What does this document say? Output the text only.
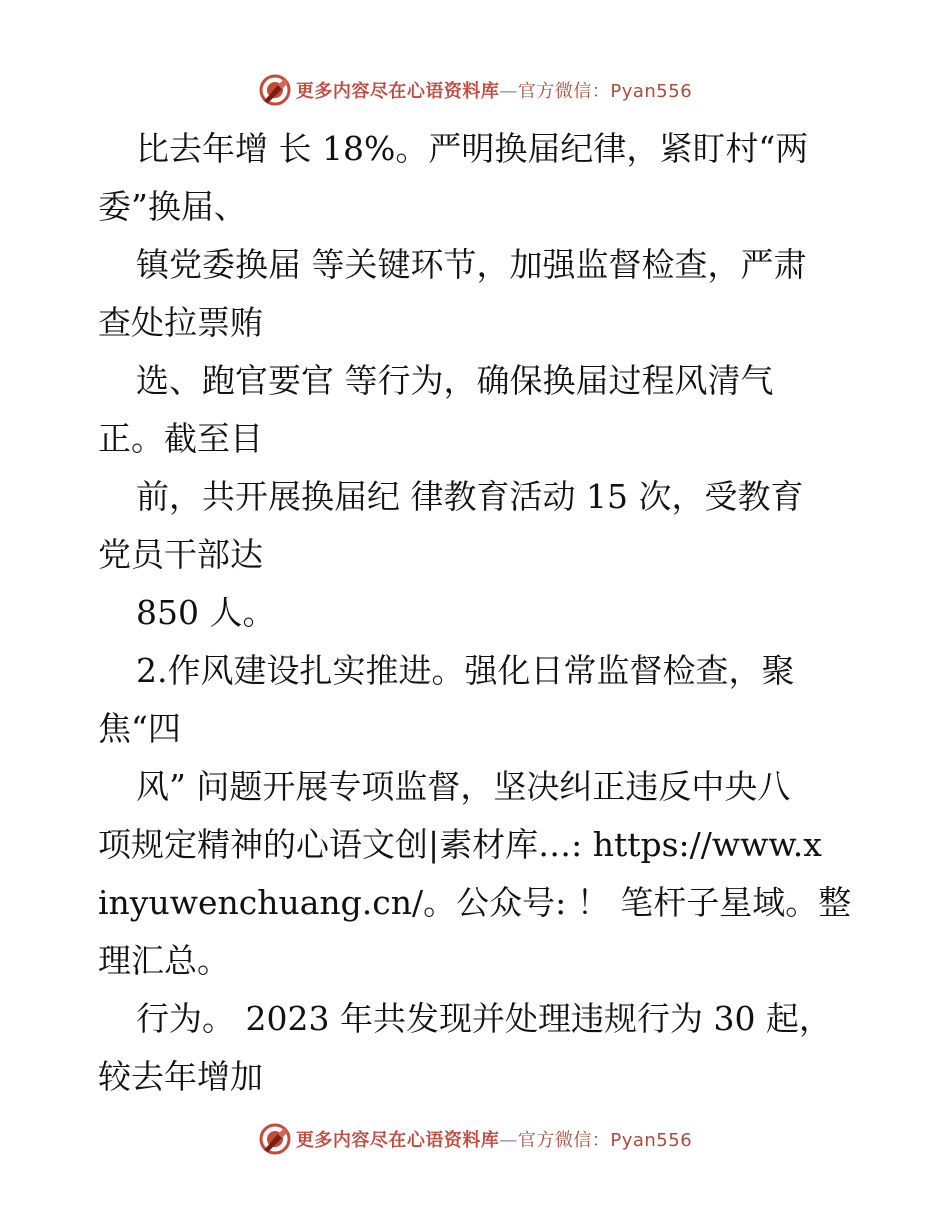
更多内容尽在心语资料库—官方微信：Pyan556
比去年增 长 18%。严明换届纪律，紧盯村“两
委”换届、
镇党委换届 等关键环节，加强监督检查，严肃
查处拉票贿
选、跑官要官 等行为，确保换届过程风清气
正。截至目
前，共开展换届纪 律教育活动 15 次，受教育
党员干部达
850 人。
2.作风建设扎实推进。强化日常监督检查，聚
焦“四
风” 问题开展专项监督，坚决纠正违反中央八
项规定精神的心语文创|素材库…: https://www.x
inyuwenchuang.cn/。公众号: ！ 笔杆子星域。整
理汇总。
行为。 2023 年共发现并处理违规行为 30 起，
较去年增加
更多内容尽在心语资料库—官方微信：Pyan556
